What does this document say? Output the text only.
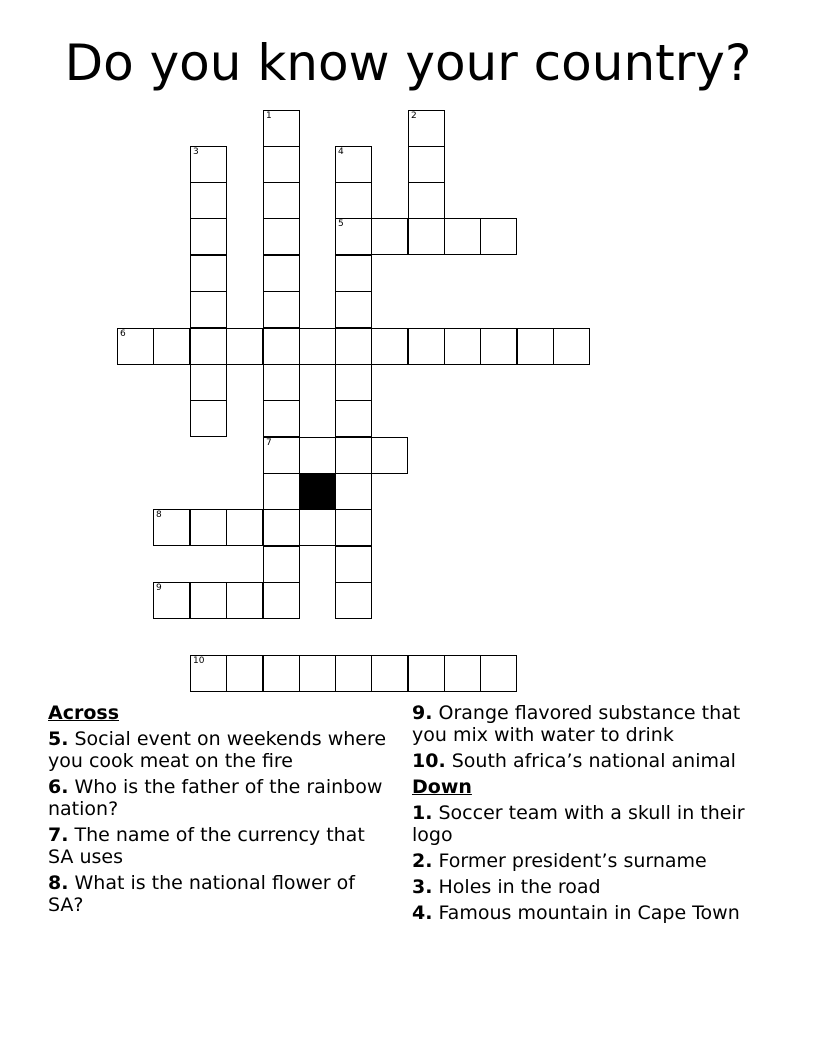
Do you know your country?
1	2
3	4
5
6
7
8
9
10
Across
5. Social event on weekends where you cook meat on the fire
6. Who is the father of the rainbow nation?
7. The name of the currency that SA uses
8. What is the national flower of SA?
9. Orange flavored substance that you mix with water to drink
10. South africa’s national animal
Down
1. Soccer team with a skull in their logo
2. Former president’s surname
3. Holes in the road
4. Famous mountain in Cape Town
